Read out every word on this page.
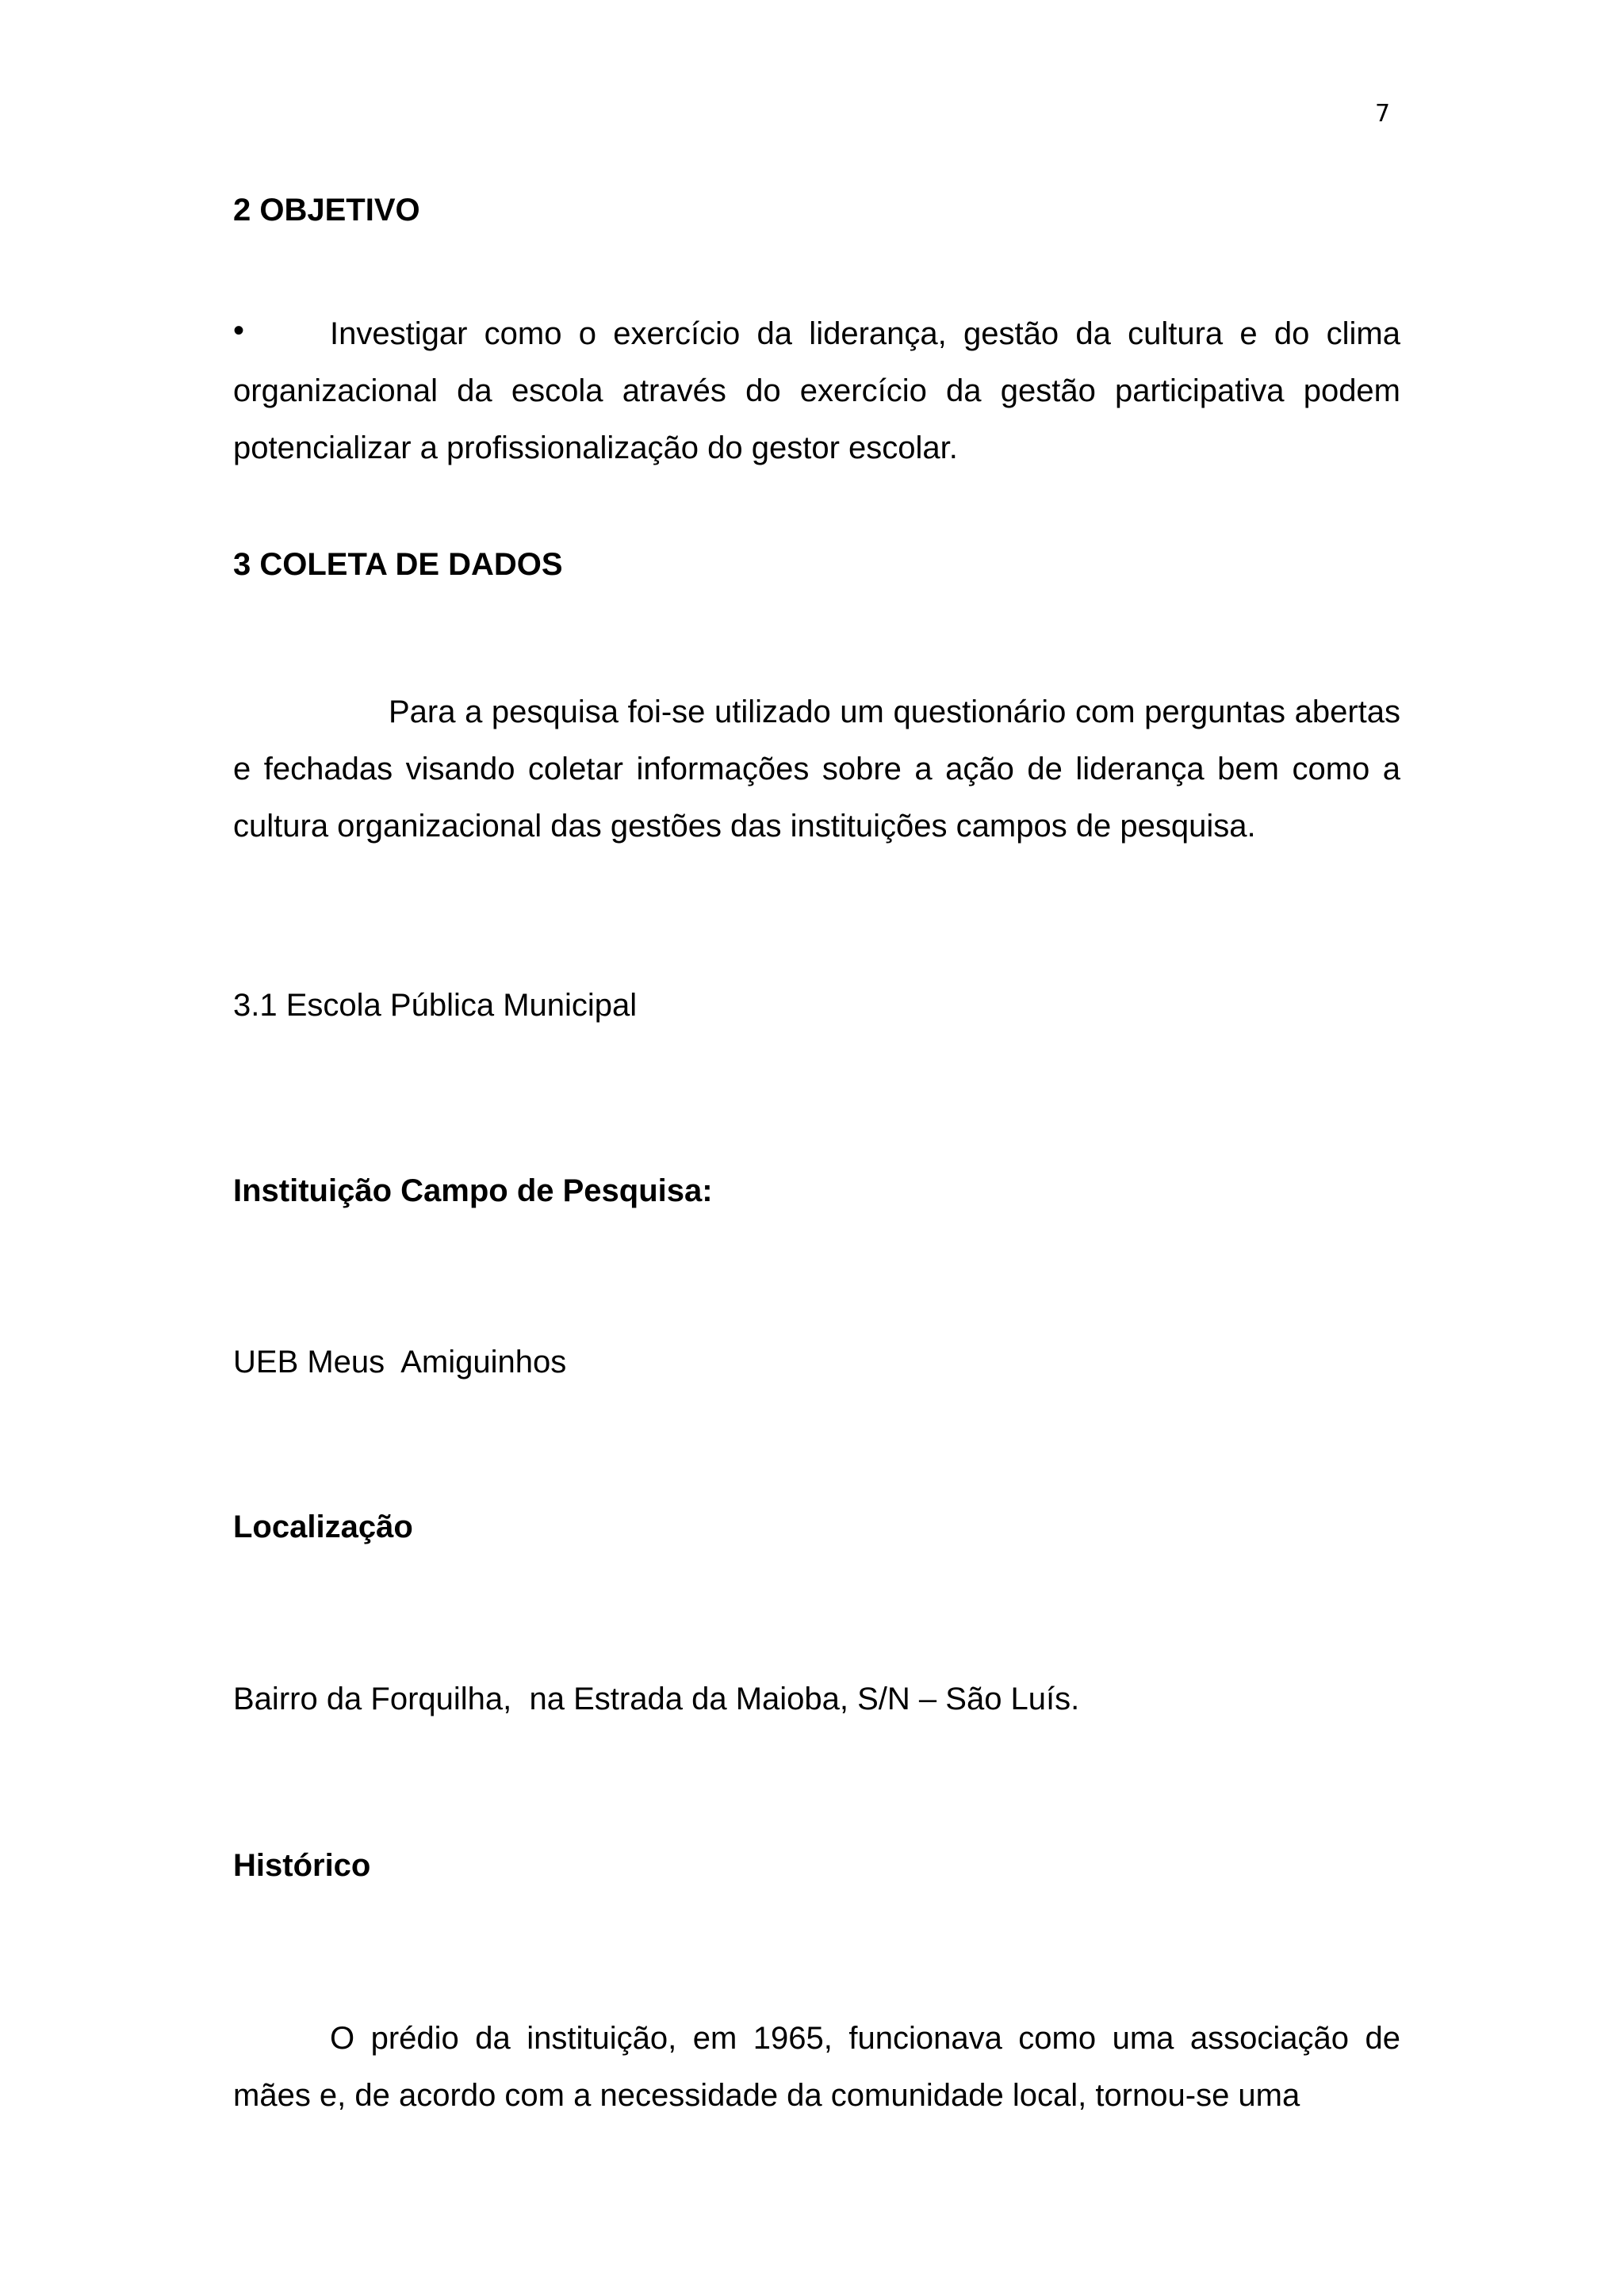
7
2 OBJETIVO
•	Investigar como o exercício da liderança, gestão da cultura e do clima organizacional da escola através do exercício da gestão participativa podem potencializar a profissionalização do gestor escolar.

3 COLETA DE DADOS

Para a pesquisa foi-se utilizado um questionário com perguntas abertas e fechadas visando coletar informações sobre a ação de liderança bem como a cultura organizacional das gestões das instituições campos de pesquisa.

3.1 Escola Pública Municipal

Instituição Campo de Pesquisa:

UEB Meus  Amiguinhos

Localização

Bairro da Forquilha,  na Estrada da Maioba, S/N – São Luís.

Histórico

O prédio da instituição, em 1965, funcionava como uma associação de mães e, de acordo com a necessidade da comunidade local, tornou-se uma
